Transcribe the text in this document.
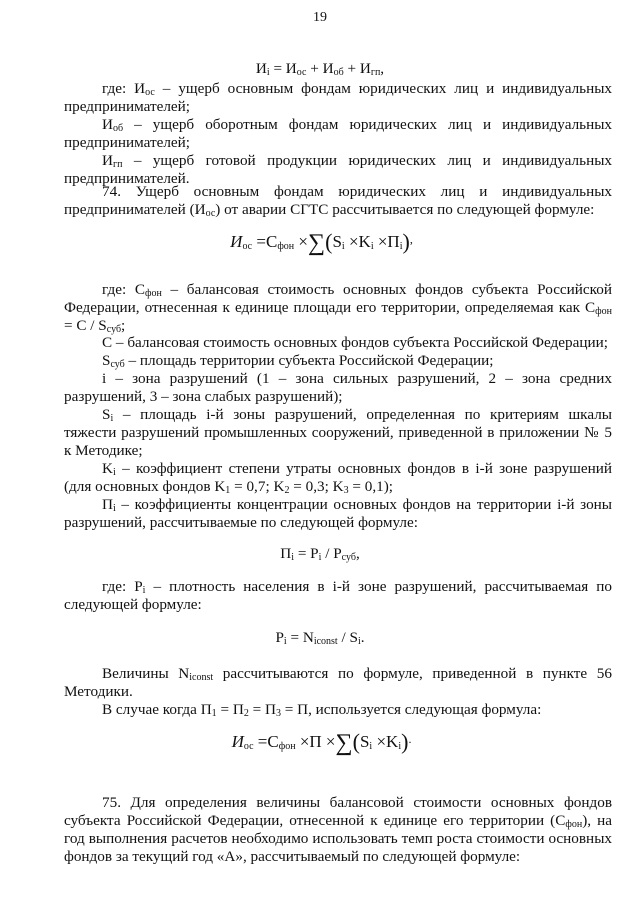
19
$И_i = И_{ос} + И_{об} + И_{гп}$,

где: $И_{ос}$ – ущерб основным фондам юридических лиц и индивидуальных предпринимателей;

$И_{об}$ – ущерб оборотным фондам юридических лиц и индивидуальных предпринимателей;

$И_{гп}$ – ущерб готовой продукции юридических лиц и индивидуальных предпринимателей.

74. Ущерб основным фондам юридических лиц и индивидуальных предпринимателей $(И_{ос})$ от аварии СГТС рассчитывается по следующей формуле:

$И_{ос} =С_{фон} \times\sum(S_i \times K_i \times П_i)$ ,

где: $С_{фон}$ – балансовая стоимость основных фондов субъекта Российской Федерации, отнесенная к единице площади его территории, определяемая как $С_{фон} = С / S_{суб}$;

С – балансовая стоимость основных фондов субъекта Российской Федерации;

$S_{суб}$ – площадь территории субъекта Российской Федерации;

i – зона разрушений (1 – зона сильных разрушений, 2 – зона средних разрушений, 3 – зона слабых разрушений);

$S_i$ – площадь i-й зоны разрушений, определенная по критериям шкалы тяжести разрушений промышленных сооружений, приведенной в приложении № 5 к Методике;

$K_i$ – коэффициент степени утраты основных фондов в i-й зоне разрушений (для основных фондов $K_1 = 0,7$; $K_2 = 0,3$; $K_3 = 0,1$);

$П_i$ – коэффициенты концентрации основных фондов на территории i-й зоны разрушений, рассчитываемые по следующей формуле:

$П_i = P_i / P_{суб}$,

где: $P_i$ – плотность населения в i-й зоне разрушений, рассчитываемая по следующей формуле:

$P_i = N_{iconst} / S_i$.

Величины $N_{iconst}$ рассчитываются по формуле, приведенной в пункте 56 Методики.

В случае когда $П_1 = П_2 = П_3 = П$, используется следующая формула:

$И_{ос} =С_{фон} \times П \times\sum(S_i \times K_i)$ .

75. Для определения величины балансовой стоимости основных фондов субъекта Российской Федерации, отнесенной к единице его территории $(С_{фон})$, на год выполнения расчетов необходимо использовать темп роста стоимости основных фондов за текущий год «А», рассчитываемый по следующей формуле:
